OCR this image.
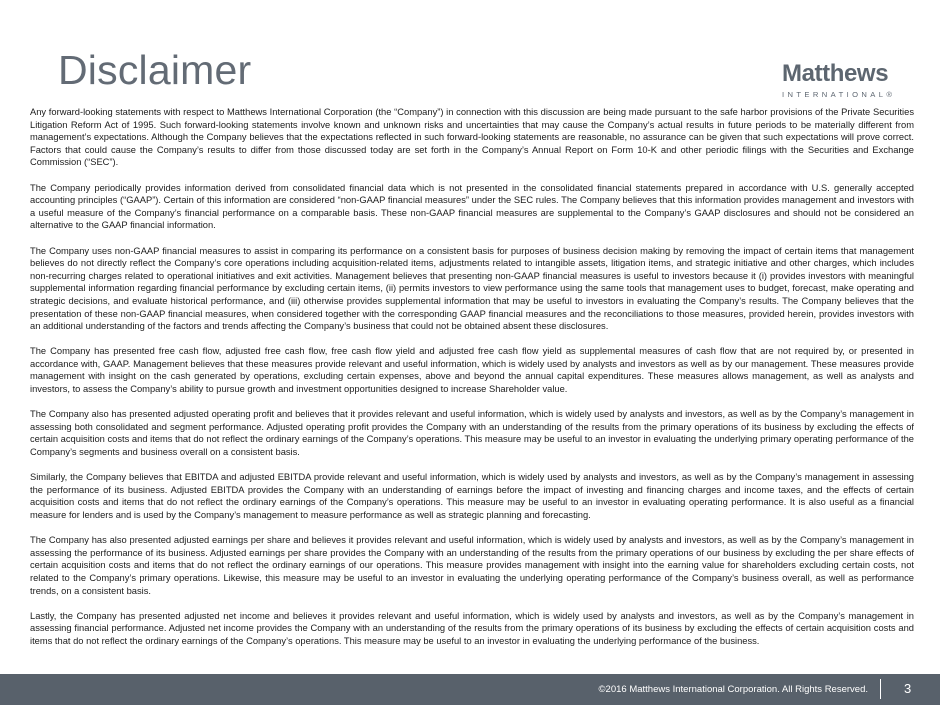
Disclaimer	Matthews
INTERNATIONAL®

Any forward-looking statements with respect to Matthews International Corporation (the “Company”) in connection with this discussion are being made pursuant to the safe harbor provisions of the Private Securities Litigation Reform Act of 1995. Such forward-looking statements involve known and unknown risks and uncertainties that may cause the Company’s actual results in future periods to be materially different from management’s expectations. Although the Company believes that the expectations reflected in such forward-looking statements are reasonable, no assurance can be given that such expectations will prove correct. Factors that could cause the Company’s results to differ from those discussed today are set forth in the Company’s Annual Report on Form 10-K and other periodic filings with the Securities and Exchange Commission (“SEC”).

The Company periodically provides information derived from consolidated financial data which is not presented in the consolidated financial statements prepared in accordance with U.S. generally accepted accounting principles (“GAAP”). Certain of this information are considered “non-GAAP financial measures” under the SEC rules. The Company believes that this information provides management and investors with a useful measure of the Company’s financial performance on a comparable basis. These non-GAAP financial measures are supplemental to the Company’s GAAP disclosures and should not be considered an alternative to the GAAP financial information.

The Company uses non-GAAP financial measures to assist in comparing its performance on a consistent basis for purposes of business decision making by removing the impact of certain items that management believes do not directly reflect the Company’s core operations including acquisition-related items, adjustments related to intangible assets, litigation items, and strategic initiative and other charges, which includes non-recurring charges related to operational initiatives and exit activities. Management believes that presenting non-GAAP financial measures is useful to investors because it (i) provides investors with meaningful supplemental information regarding financial performance by excluding certain items, (ii) permits investors to view performance using the same tools that management uses to budget, forecast, make operating and strategic decisions, and evaluate historical performance, and (iii) otherwise provides supplemental information that may be useful to investors in evaluating the Company’s results. The Company believes that the presentation of these non-GAAP financial measures, when considered together with the corresponding GAAP financial measures and the reconciliations to those measures, provided herein, provides investors with an additional understanding of the factors and trends affecting the Company’s business that could not be obtained absent these disclosures.

The Company has presented free cash flow, adjusted free cash flow, free cash flow yield and adjusted free cash flow yield as supplemental measures of cash flow that are not required by, or presented in accordance with, GAAP. Management believes that these measures provide relevant and useful information, which is widely used by analysts and investors as well as by our management. These measures provide management with insight on the cash generated by operations, excluding certain expenses, above and beyond the annual capital expenditures. These measures allows management, as well as analysts and investors, to assess the Company’s ability to pursue growth and investment opportunities designed to increase Shareholder value.

The Company also has presented adjusted operating profit and believes that it provides relevant and useful information, which is widely used by analysts and investors, as well as by the Company’s management in assessing both consolidated and segment performance. Adjusted operating profit provides the Company with an understanding of the results from the primary operations of its business by excluding the effects of certain acquisition costs and items that do not reflect the ordinary earnings of the Company’s operations. This measure may be useful to an investor in evaluating the underlying primary operating performance of the Company’s segments and business overall on a consistent basis.

Similarly, the Company believes that EBITDA and adjusted EBITDA provide relevant and useful information, which is widely used by analysts and investors, as well as by the Company’s management in assessing the performance of its business. Adjusted EBITDA provides the Company with an understanding of earnings before the impact of investing and financing charges and income taxes, and the effects of certain acquisition costs and items that do not reflect the ordinary earnings of the Company’s operations. This measure may be useful to an investor in evaluating operating performance. It is also useful as a financial measure for lenders and is used by the Company’s management to measure performance as well as strategic planning and forecasting.

The Company has also presented adjusted earnings per share and believes it provides relevant and useful information, which is widely used by analysts and investors, as well as by the Company’s management in assessing the performance of its business. Adjusted earnings per share provides the Company with an understanding of the results from the primary operations of our business by excluding the per share effects of certain acquisition costs and items that do not reflect the ordinary earnings of our operations. This measure provides management with insight into the earning value for shareholders excluding certain costs, not related to the Company’s primary operations. Likewise, this measure may be useful to an investor in evaluating the underlying operating performance of the Company’s business overall, as well as performance trends, on a consistent basis.

Lastly, the Company has presented adjusted net income and believes it provides relevant and useful information, which is widely used by analysts and investors, as well as by the Company’s management in assessing financial performance. Adjusted net income provides the Company with an understanding of the results from the primary operations of its business by excluding the effects of certain acquisition costs and items that do not reflect the ordinary earnings of the Company’s operations. This measure may be useful to an investor in evaluating the underlying performance of the business.

©2016 Matthews International Corporation. All Rights Reserved.	3
